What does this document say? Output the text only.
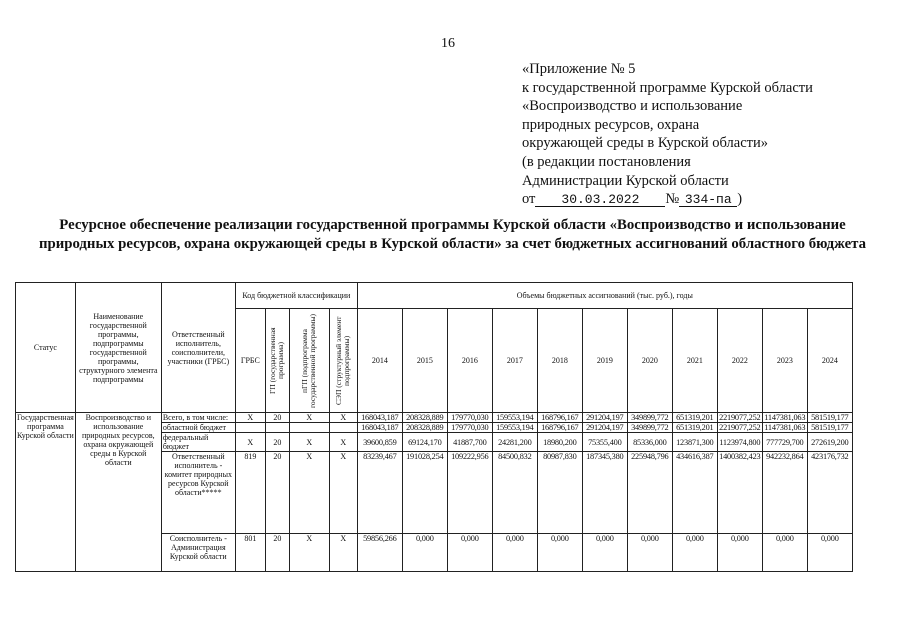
16
«Приложение № 5
к государственной программе Курской области
«Воспроизводство и использование
природных ресурсов, охрана
окружающей среды в Курской области»
(в редакции постановления
Администрации Курской области
от 30.03.2022 № 334-па )
Ресурсное обеспечение реализации государственной программы Курской области «Воспроизводство и использование природных ресурсов, охрана окружающей среды в Курской области» за счет бюджетных ассигнований областного бюджета
Статус	Наименование государственной программы, подпрограммы государственной программы, структурного элемента подпрограммы	Ответственный исполнитель, соисполнители, участники (ГРБС)	Код бюджетной классификации				Объемы бюджетных ассигнований (тыс. руб.), годы										
			ГРБС	ГП (государственная программа)	пГП (подпрограмма государственной программы)	СЭП (структурный элемент подпрограммы)	2014	2015	2016	2017	2018	2019	2020	2021	2022	2023	2024
Государственная программа Курской области	Воспроизводство и использование природных ресурсов, охрана окружающей среды в Курской области	Всего, в том числе:	X	20	X	X	168043,187	208328,889	179770,030	159553,194	168796,167	291204,197	349899,772	651319,201	2219077,252	1147381,063	581519,177
		областной бюджет					168043,187	208328,889	179770,030	159553,194	168796,167	291204,197	349899,772	651319,201	2219077,252	1147381,063	581519,177
		федеральный бюджет	X	20	X	X	39600,859	69124,170	41887,700	24281,200	18980,200	75355,400	85336,000	123871,300	1123974,800	777729,700	272619,200
		Ответственный исполнитель - комитет природных ресурсов Курской области*****	819	20	X	X	83239,467	191028,254	109222,956	84500,832	80987,830	187345,380	225948,796	434616,387	1400382,423	942232,864	423176,732
		Соисполнитель - Администрация Курской области	801	20	X	X	59856,266	0,000	0,000	0,000	0,000	0,000	0,000	0,000	0,000	0,000	0,000
